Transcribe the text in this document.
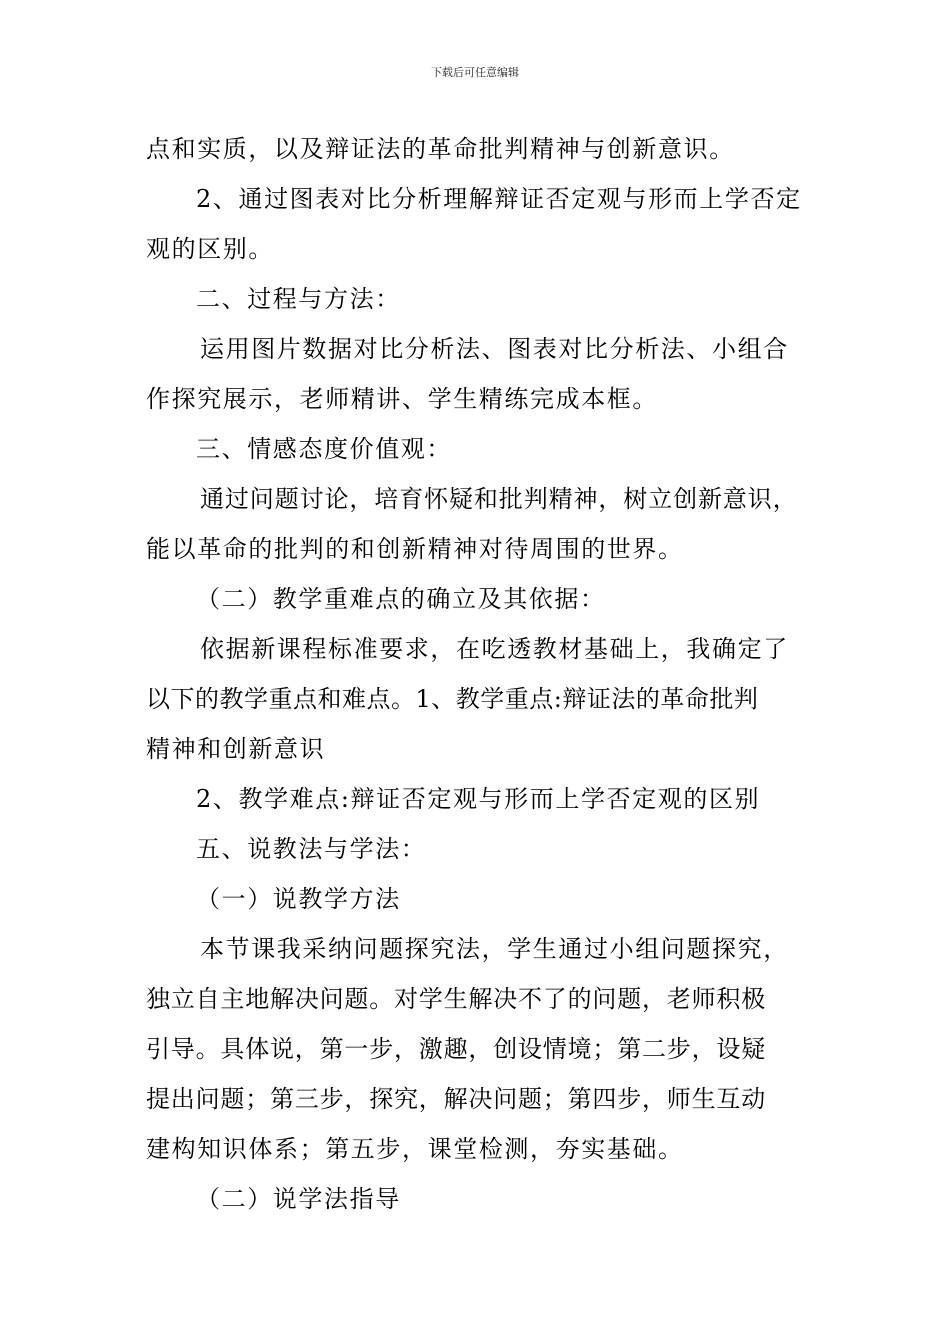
下载后可任意编辑
点和实质，以及辩证法的革命批判精神与创新意识。
2、通过图表对比分析理解辩证否定观与形而上学否定
观的区别。
二、过程与方法：
运用图片数据对比分析法、图表对比分析法、小组合
作探究展示，老师精讲、学生精练完成本框。
三、情感态度价值观：
通过问题讨论，培育怀疑和批判精神，树立创新意识，
能以革命的批判的和创新精神对待周围的世界。
（二）教学重难点的确立及其依据：
依据新课程标准要求，在吃透教材基础上，我确定了
以下的教学重点和难点。1、教学重点:辩证法的革命批判
精神和创新意识
2、教学难点:辩证否定观与形而上学否定观的区别
五、说教法与学法：
（一）说教学方法
本节课我采纳问题探究法，学生通过小组问题探究，
独立自主地解决问题。对学生解决不了的问题，老师积极
引导。具体说，第一步，激趣，创设情境；第二步，设疑
提出问题；第三步，探究，解决问题；第四步，师生互动
建构知识体系；第五步，课堂检测，夯实基础。
（二）说学法指导
